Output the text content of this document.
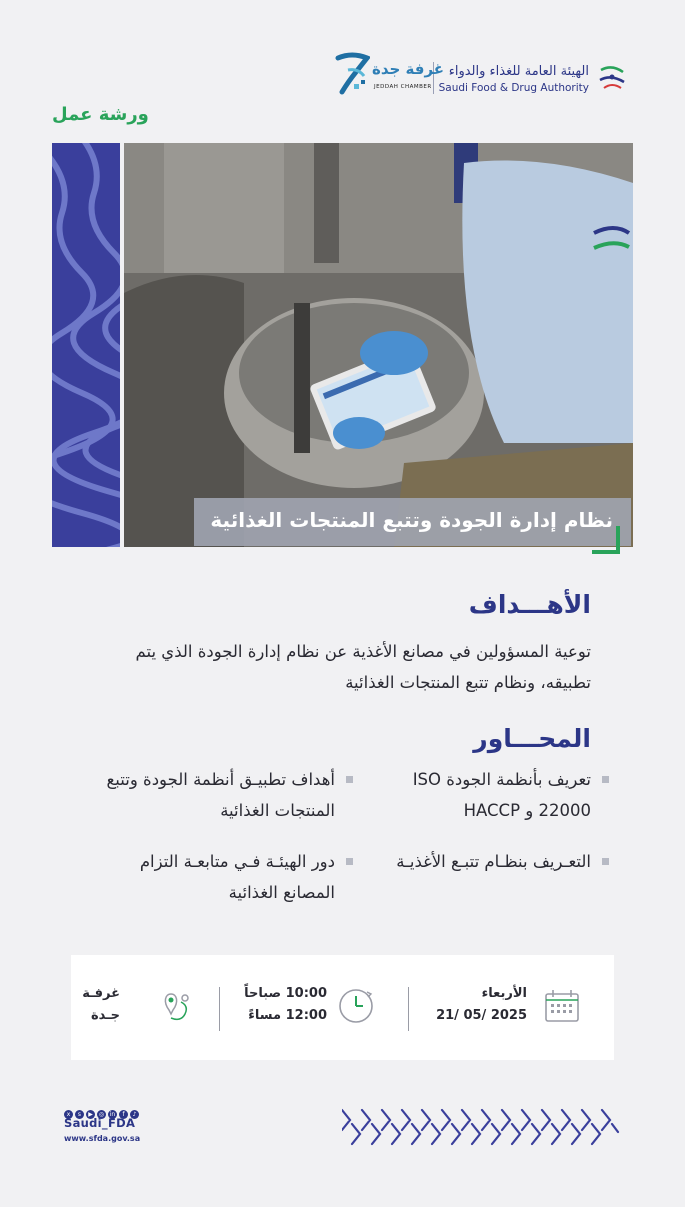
الهيئة العامة للغذاء والدواء
Saudi Food & Drug Authority
غرفة جدة
JEDDAH CHAMBER
ورشة عمل
نظام إدارة الجودة وتتبع المنتجات الغذائية
الأهـــداف
توعية المسؤولين في مصانع الأغذية عن نظام إدارة الجودة الذي يتم تطبيقه، ونظام تتبع المنتجات الغذائية
المحـــاور
تعريف بأنظمة الجودة ISO 22000 و HACCP
أهداف تطبيـق أنظمة الجودة وتتبع المنتجات الغذائية
التعـريف بنظـام تتبـع الأغذيـة
دور الهيئـة فـي متابعـة التزام المصانع الغذائية
الأربعاء
2025 /05 /21
10:00 صباحاً
12:00 مساءً
غرفـة
جـدة
x s ▶ ◎ in f ♪
Saudi_FDA
www.sfda.gov.sa
